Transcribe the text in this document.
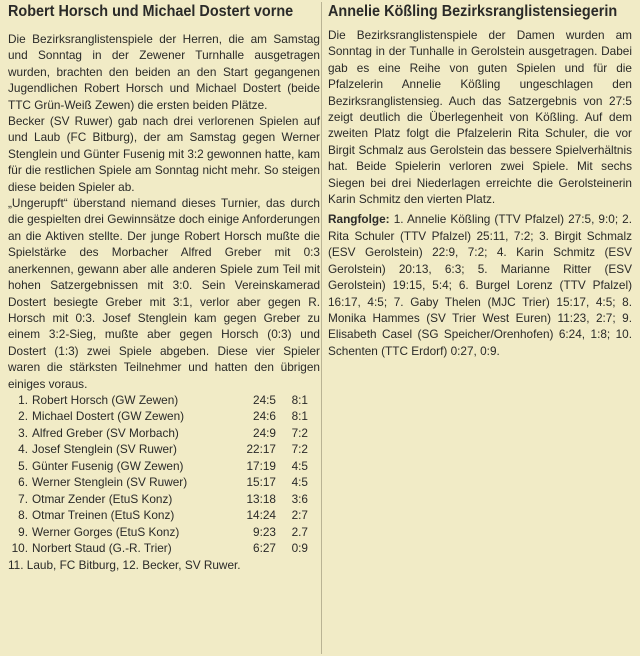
Robert Horsch und Michael Dostert vorne

Die Bezirksranglistenspiele der Herren, die am Samstag und Sonntag in der Zewener Turnhalle ausgetragen wurden, brachten den beiden an den Start gegangenen Jugendlichen Robert Horsch und Michael Dostert (beide TTC Grün-Weiß Zewen) die ersten beiden Plätze.

Becker (SV Ruwer) gab nach drei verlorenen Spielen auf und Laub (FC Bitburg), der am Samstag gegen Werner Stenglein und Günter Fusenig mit 3:2 gewonnen hatte, kam für die restlichen Spiele am Sonntag nicht mehr. So steigen diese beiden Spieler ab.

„Ungerupft“ überstand niemand dieses Turnier, das durch die gespielten drei Gewinnsätze doch einige Anforderungen an die Aktiven stellte. Der junge Robert Horsch mußte die Spielstärke des Morbacher Alfred Greber mit 0:3 anerkennen, gewann aber alle anderen Spiele zum Teil mit hohen Satzergebnissen mit 3:0. Sein Vereinskamerad Dostert besiegte Greber mit 3:1, verlor aber gegen R. Horsch mit 0:3. Josef Stenglein kam gegen Greber zu einem 3:2-Sieg, mußte aber gegen Horsch (0:3) und Dostert (1:3) zwei Spiele abgeben. Diese vier Spieler waren die stärksten Teilnehmer und hatten den übrigen einiges voraus.

1. Robert Horsch (GW Zewen)	24:5	8:1
2. Michael Dostert (GW Zewen)	24:6	8:1
3. Alfred Greber (SV Morbach)	24:9	7:2
4. Josef Stenglein (SV Ruwer)	22:17	7:2
5. Günter Fusenig (GW Zewen)	17:19	4:5
6. Werner Stenglein (SV Ruwer)	15:17	4:5
7. Otmar Zender (EtuS Konz)	13:18	3:6
8. Otmar Treinen (EtuS Konz)	14:24	2:7
9. Werner Gorges (EtuS Konz)	9:23	2.7
10. Norbert Staud (G.-R. Trier)	6:27	0:9
11. Laub, FC Bitburg, 12. Becker, SV Ruwer.
Annelie Kößling Bezirksranglistensiegerin

Die Bezirksranglistenspiele der Damen wurden am Sonntag in der Tunhalle in Gerolstein ausgetragen. Dabei gab es eine Reihe von guten Spielen und für die Pfalzelerin Annelie Kößling ungeschlagen den Bezirksranglistensieg. Auch das Satzergebnis von 27:5 zeigt deutlich die Überlegenheit von Kößling. Auf dem zweiten Platz folgt die Pfalzelerin Rita Schuler, die vor Birgit Schmalz aus Gerolstein das bessere Spielverhältnis hat. Beide Spielerin verloren zwei Spiele. Mit sechs Siegen bei drei Niederlagen erreichte die Gerolsteinerin Karin Schmitz den vierten Platz.

Rangfolge: 1. Annelie Kößling (TTV Pfalzel) 27:5, 9:0; 2. Rita Schuler (TTV Pfalzel) 25:11, 7:2; 3. Birgit Schmalz (ESV Gerolstein) 22:9, 7:2; 4. Karin Schmitz (ESV Gerolstein) 20:13, 6:3; 5. Marianne Ritter (ESV Gerolstein) 19:15, 5:4; 6. Burgel Lorenz (TTV Pfalzel) 16:17, 4:5; 7. Gaby Thelen (MJC Trier) 15:17, 4:5; 8. Monika Hammes (SV Trier West Euren) 11:23, 2:7; 9. Elisabeth Casel (SG Speicher/Orenhofen) 6:24, 1:8; 10. Schenten (TTC Erdorf) 0:27, 0:9.
